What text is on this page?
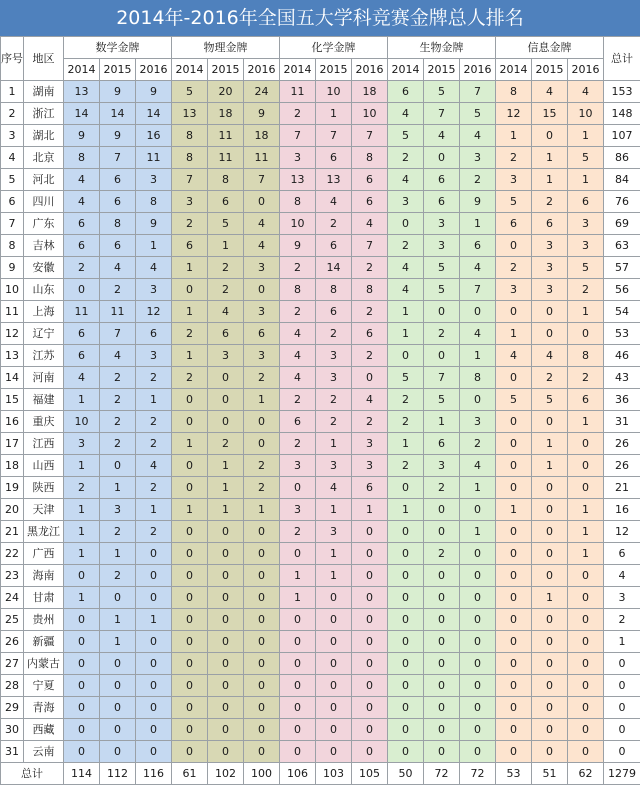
2014年-2016年全国五大学科竞赛金牌总人排名
序号	地区	数学金牌			物理金牌			化学金牌			生物金牌			信息金牌			总计
		2014	2015	2016	2014	2015	2016	2014	2015	2016	2014	2015	2016	2014	2015	2016	
1	湖南	13	9	9	5	20	24	11	10	18	6	5	7	8	4	4	153
2	浙江	14	14	14	13	18	9	2	1	10	4	7	5	12	15	10	148
3	湖北	9	9	16	8	11	18	7	7	7	5	4	4	1	0	1	107
4	北京	8	7	11	8	11	11	3	6	8	2	0	3	2	1	5	86
5	河北	4	6	3	7	8	7	13	13	6	4	6	2	3	1	1	84
6	四川	4	6	8	3	6	0	8	4	6	3	6	9	5	2	6	76
7	广东	6	8	9	2	5	4	10	2	4	0	3	1	6	6	3	69
8	吉林	6	6	1	6	1	4	9	6	7	2	3	6	0	3	3	63
9	安徽	2	4	4	1	2	3	2	14	2	4	5	4	2	3	5	57
10	山东	0	2	3	0	2	0	8	8	8	4	5	7	3	3	2	56
11	上海	11	11	12	1	4	3	2	6	2	1	0	0	0	0	1	54
12	辽宁	6	7	6	2	6	6	4	2	6	1	2	4	1	0	0	53
13	江苏	6	4	3	1	3	3	4	3	2	0	0	1	4	4	8	46
14	河南	4	2	2	2	0	2	4	3	0	5	7	8	0	2	2	43
15	福建	1	2	1	0	0	1	2	2	4	2	5	0	5	5	6	36
16	重庆	10	2	2	0	0	0	6	2	2	2	1	3	0	0	1	31
17	江西	3	2	2	1	2	0	2	1	3	1	6	2	0	1	0	26
18	山西	1	0	4	0	1	2	3	3	3	2	3	4	0	1	0	26
19	陕西	2	1	2	0	1	2	0	4	6	0	2	1	0	0	0	21
20	天津	1	3	1	1	1	1	3	1	1	1	0	0	1	0	1	16
21	黑龙江	1	2	2	0	0	0	2	3	0	0	0	1	0	0	1	12
22	广西	1	1	0	0	0	0	0	1	0	0	2	0	0	0	1	6
23	海南	0	2	0	0	0	0	1	1	0	0	0	0	0	0	0	4
24	甘肃	1	0	0	0	0	0	1	0	0	0	0	0	0	1	0	3
25	贵州	0	1	1	0	0	0	0	0	0	0	0	0	0	0	0	2
26	新疆	0	1	0	0	0	0	0	0	0	0	0	0	0	0	0	1
27	内蒙古	0	0	0	0	0	0	0	0	0	0	0	0	0	0	0	0
28	宁夏	0	0	0	0	0	0	0	0	0	0	0	0	0	0	0	0
29	青海	0	0	0	0	0	0	0	0	0	0	0	0	0	0	0	0
30	西藏	0	0	0	0	0	0	0	0	0	0	0	0	0	0	0	0
31	云南	0	0	0	0	0	0	0	0	0	0	0	0	0	0	0	0
总计		114	112	116	61	102	100	106	103	105	50	72	72	53	51	62	1279
